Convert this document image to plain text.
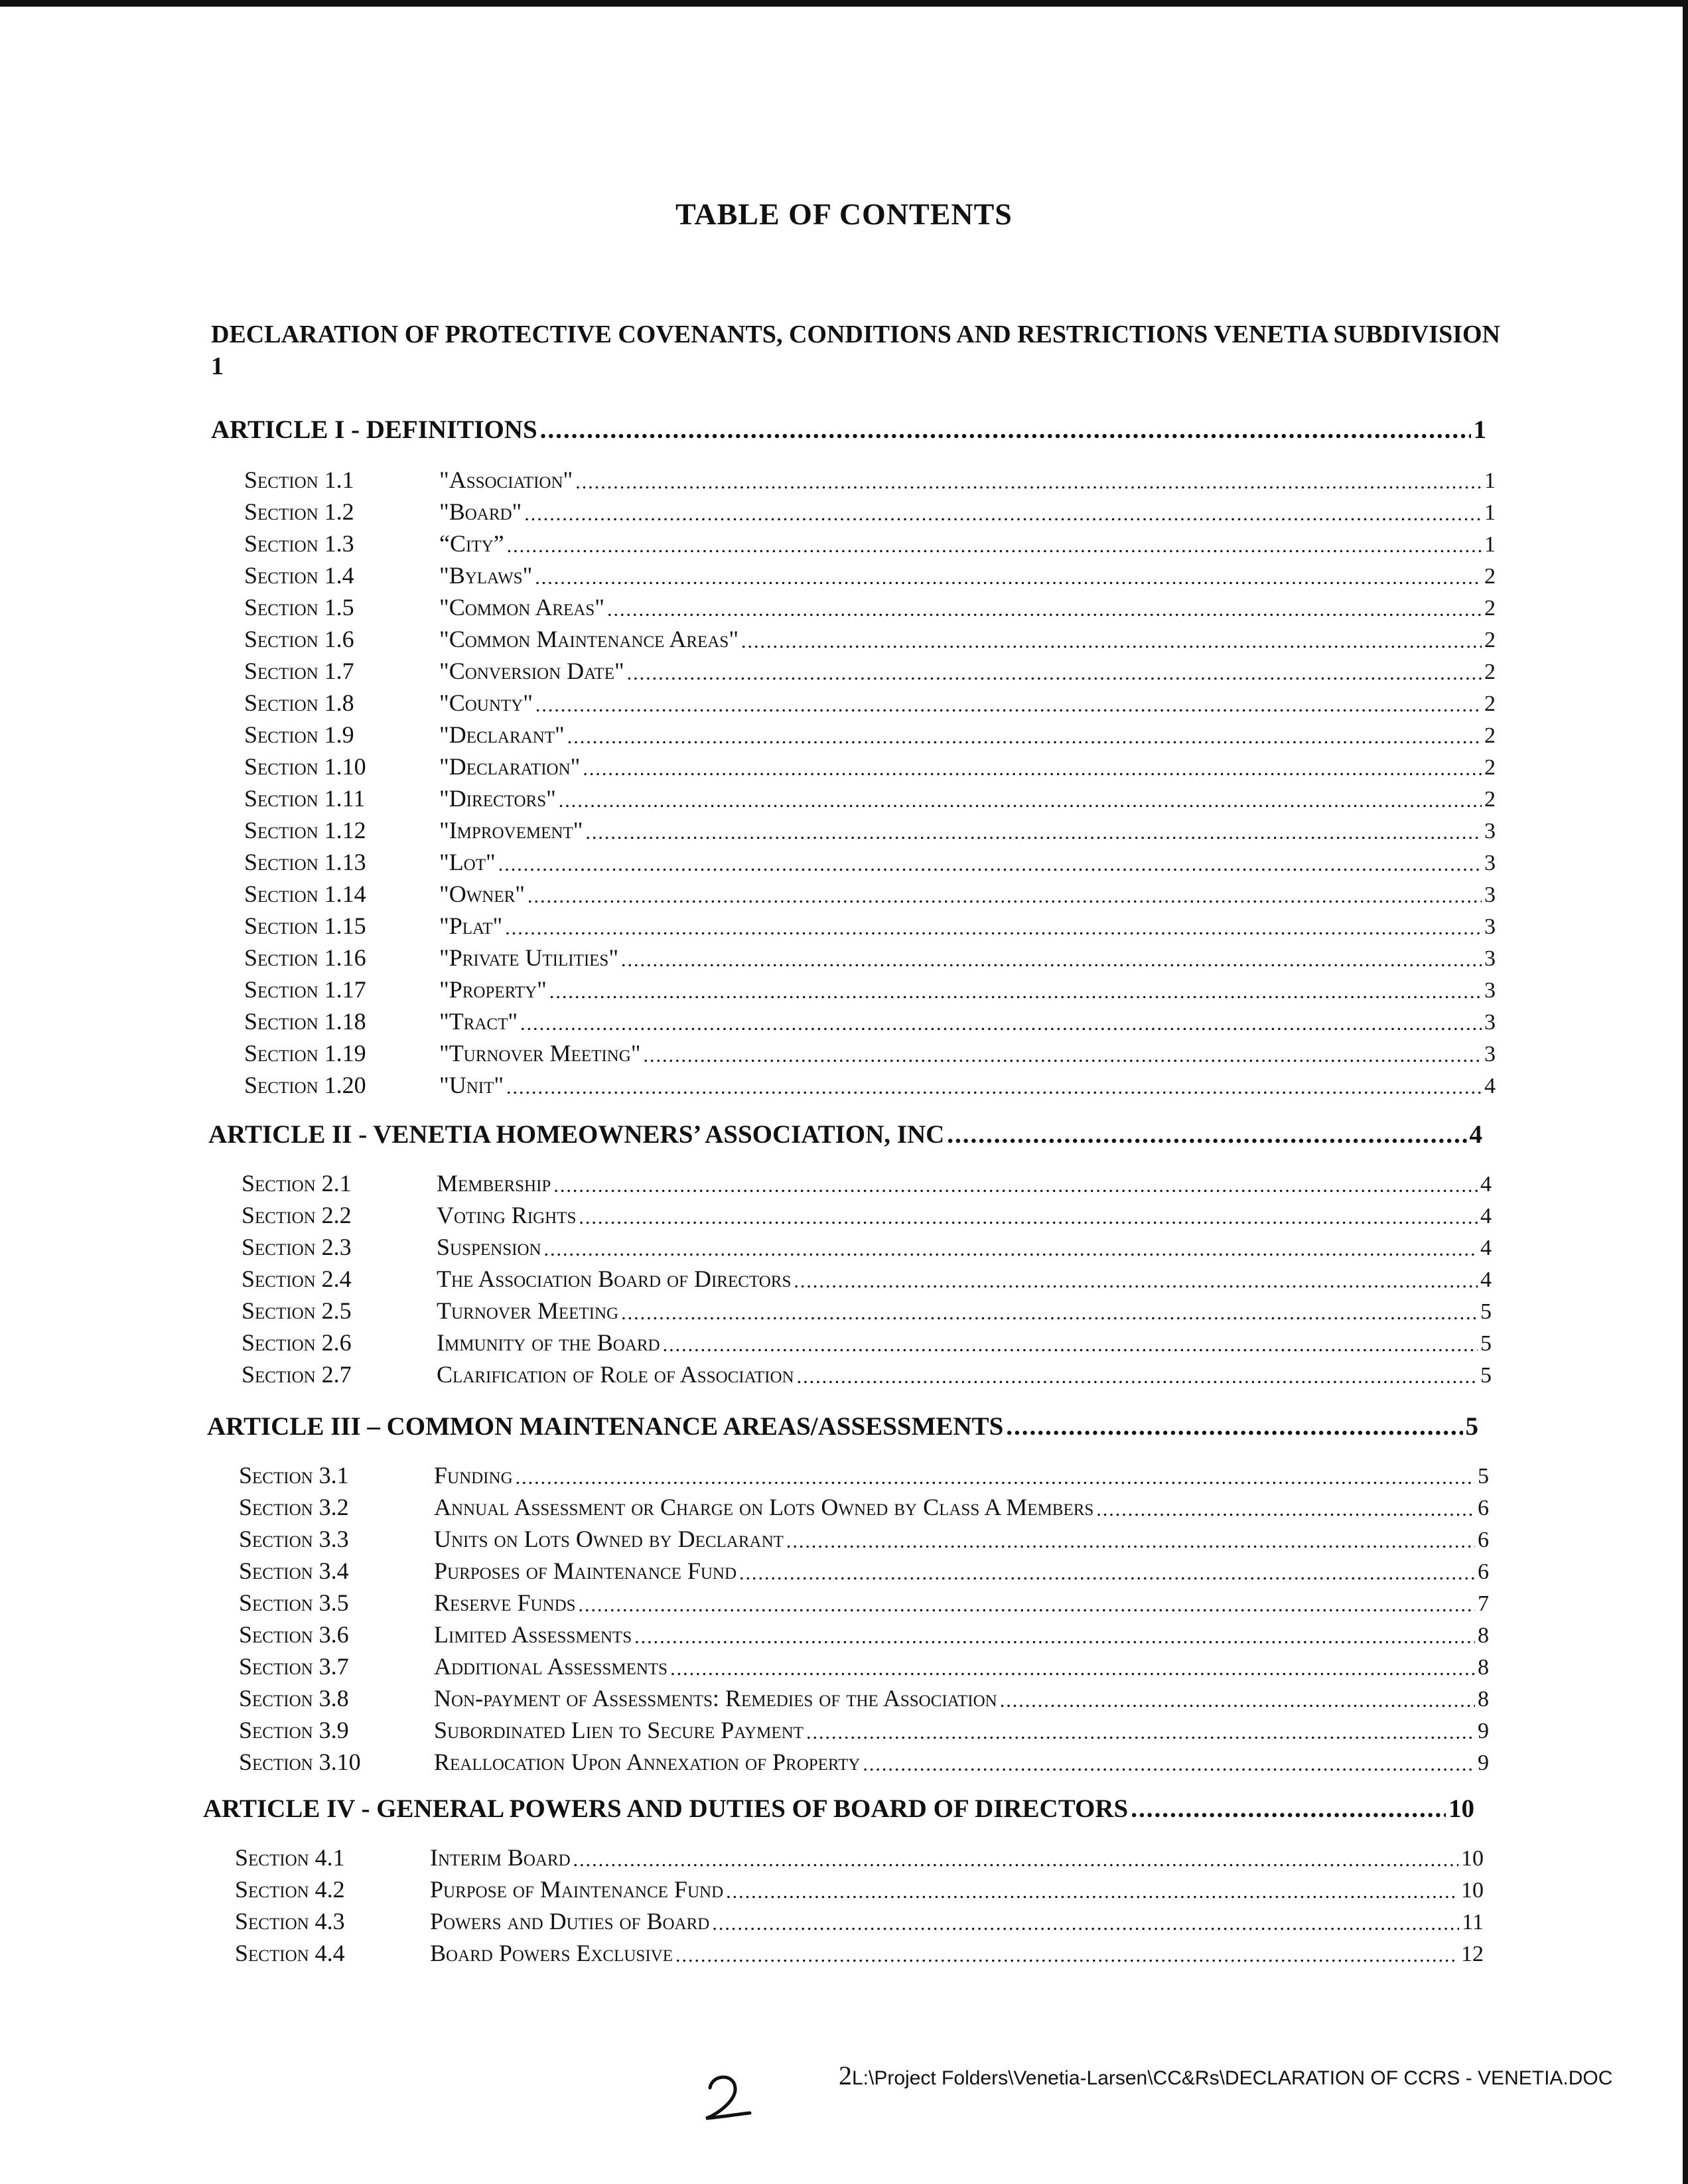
TABLE OF CONTENTS
DECLARATION OF PROTECTIVE COVENANTS, CONDITIONS AND RESTRICTIONS VENETIA SUBDIVISION 1
ARTICLE I - DEFINITIONS .....	1
Section 1.1	"Association" .....	1
Section 1.2	"Board" .....	1
Section 1.3	“City” .....	1
Section 1.4	"Bylaws" .....	2
Section 1.5	"Common Areas" .....	2
Section 1.6	"Common Maintenance Areas" .....	2
Section 1.7	"Conversion Date" .....	2
Section 1.8	"County" .....	2
Section 1.9	"Declarant" .....	2
Section 1.10	"Declaration" .....	2
Section 1.11	"Directors" .....	2
Section 1.12	"Improvement" .....	3
Section 1.13	"Lot" .....	3
Section 1.14	"Owner" .....	3
Section 1.15	"Plat" .....	3
Section 1.16	"Private Utilities" .....	3
Section 1.17	"Property" .....	3
Section 1.18	"Tract" .....	3
Section 1.19	"Turnover Meeting" .....	3
Section 1.20	"Unit" .....	4
ARTICLE II - VENETIA HOMEOWNERS’ ASSOCIATION, INC .....	4
Section 2.1	Membership .....	4
Section 2.2	Voting Rights .....	4
Section 2.3	Suspension .....	4
Section 2.4	The Association Board of Directors .....	4
Section 2.5	Turnover Meeting .....	5
Section 2.6	Immunity of the Board .....	5
Section 2.7	Clarification of Role of Association .....	5
ARTICLE III – COMMON MAINTENANCE AREAS/ASSESSMENTS .....	5
Section 3.1	Funding .....	5
Section 3.2	Annual Assessment or Charge on Lots Owned by Class A Members .....	6
Section 3.3	Units on Lots Owned by Declarant .....	6
Section 3.4	Purposes of Maintenance Fund .....	6
Section 3.5	Reserve Funds .....	7
Section 3.6	Limited Assessments .....	8
Section 3.7	Additional Assessments .....	8
Section 3.8	Non-payment of Assessments: Remedies of the Association .....	8
Section 3.9	Subordinated Lien to Secure Payment .....	9
Section 3.10	Reallocation Upon Annexation of Property .....	9
ARTICLE IV - GENERAL POWERS AND DUTIES OF BOARD OF DIRECTORS .....	10
Section 4.1	Interim Board .....	10
Section 4.2	Purpose of Maintenance Fund .....	10
Section 4.3	Powers and Duties of Board .....	11
Section 4.4	Board Powers Exclusive .....	12
2L:\Project Folders\Venetia-Larsen\CC&Rs\DECLARATION OF CCRS - VENETIA.DOC
